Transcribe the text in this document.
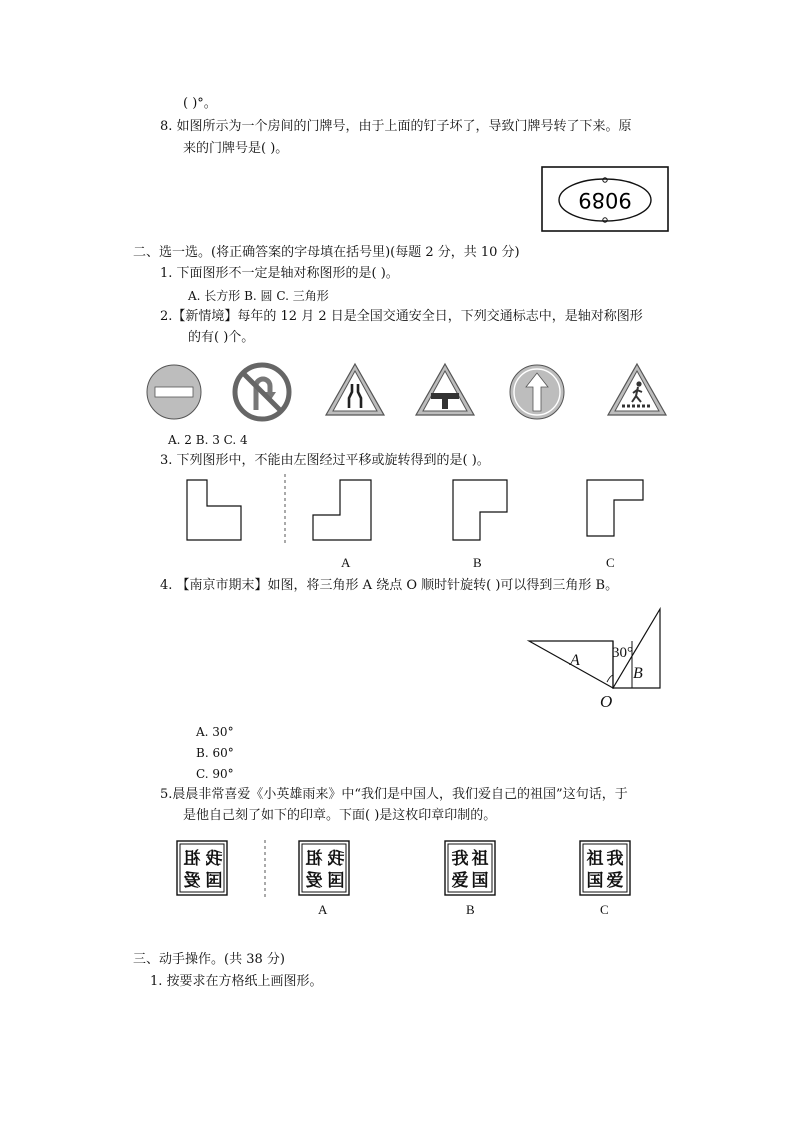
( )°。
8. 如图所示为一个房间的门牌号，由于上面的钉子坏了，导致门牌号转了下来。原
来的门牌号是( )。
9089
二、选一选。(将正确答案的字母填在括号里)(每题 2 分，共 10 分)
1. 下面图形不一定是轴对称图形的是( )。
A. 长方形 B. 圆 C. 三角形
2.【新情境】每年的 12 月 2 日是全国交通安全日，下列交通标志中，是轴对称图形
的有( )个。
A. 2 B. 3 C. 4
3. 下列图形中，不能由左图经过平移或旋转得到的是( )。
A	B	C
4. 【南京市期末】如图，将三角形 A 绕点 O 顺时针旋转( )可以得到三角形 B。
A 30°
B
O
A. 30°
B. 60°
C. 90°
5.晨晨非常喜爱《小英雄雨来》中“我们是中国人，我们爱自己的祖国”这句话，于
是他自己刻了如下的印章。下面( )是这枚印章印制的。
我
祖
国
爱
我
祖
国
爱
我 祖
爱 国
祖 我
国 爱
A	B	C
三、动手操作。(共 38 分)
1. 按要求在方格纸上画图形。
